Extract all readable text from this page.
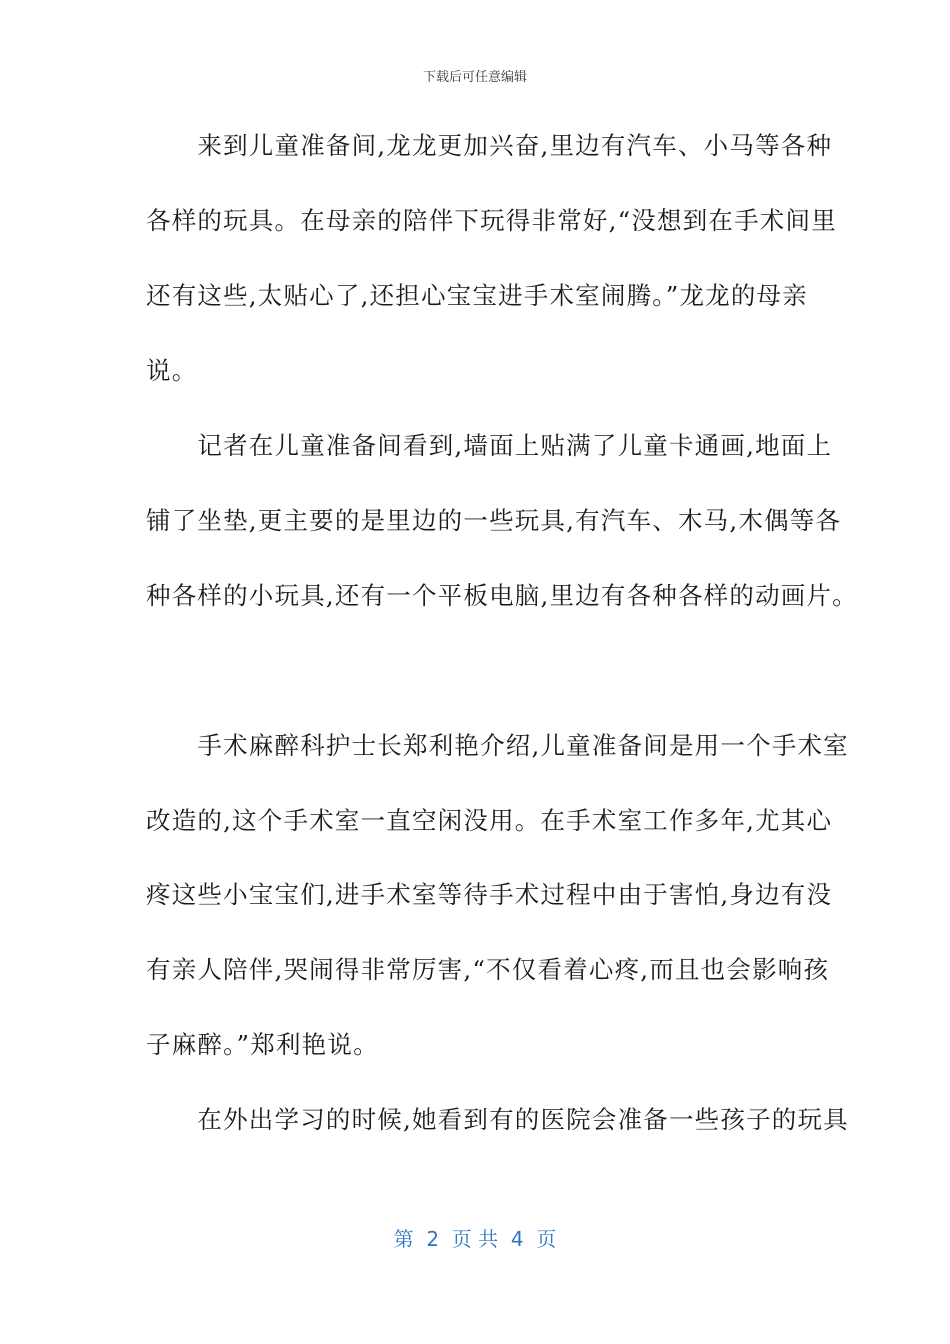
下载后可任意编辑
　　来到儿童准备间,龙龙更加兴奋,里边有汽车、小马等各种
各样的玩具。在母亲的陪伴下玩得非常好,“没想到在手术间里
还有这些,太贴心了,还担心宝宝进手术室闹腾。”龙龙的母亲
说。
　　记者在儿童准备间看到,墙面上贴满了儿童卡通画,地面上
铺了坐垫,更主要的是里边的一些玩具,有汽车、木马,木偶等各
种各样的小玩具,还有一个平板电脑,里边有各种各样的动画片。
　　手术麻醉科护士长郑利艳介绍,儿童准备间是用一个手术室
改造的,这个手术室一直空闲没用。在手术室工作多年,尤其心
疼这些小宝宝们,进手术室等待手术过程中由于害怕,身边有没
有亲人陪伴,哭闹得非常厉害,“不仅看着心疼,而且也会影响孩
子麻醉。”郑利艳说。
　　在外出学习的时候,她看到有的医院会准备一些孩子的玩具
第  2  页 共  4  页
